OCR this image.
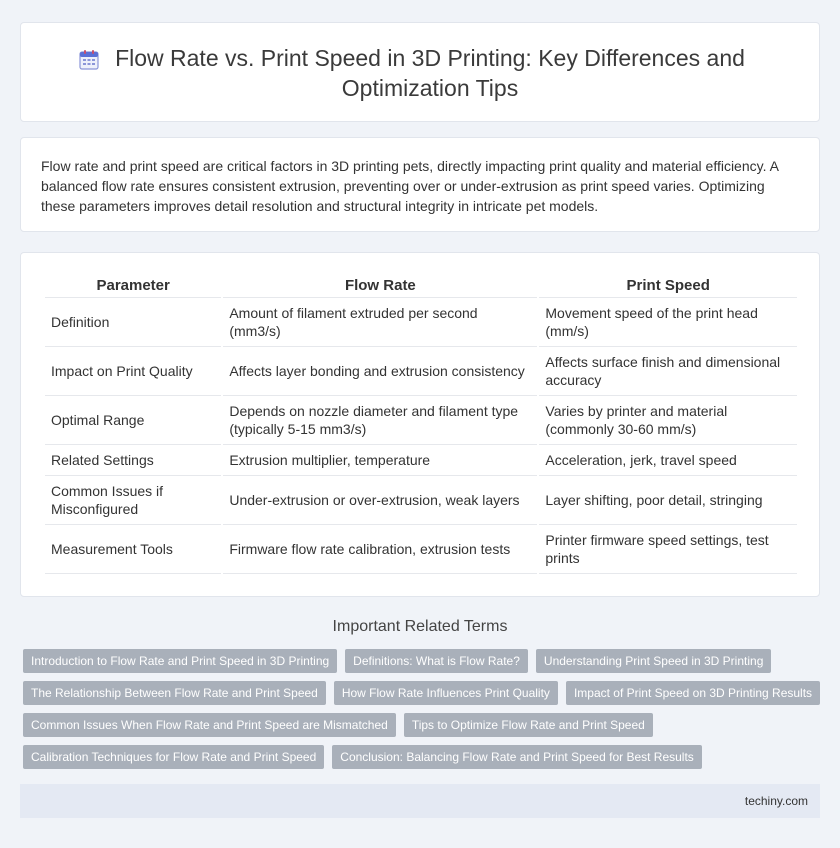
Flow Rate vs. Print Speed in 3D Printing: Key Differences and Optimization Tips

Flow rate and print speed are critical factors in 3D printing pets, directly impacting print quality and material efficiency. A balanced flow rate ensures consistent extrusion, preventing over or under-extrusion as print speed varies. Optimizing these parameters improves detail resolution and structural integrity in intricate pet models.

Parameter	Flow Rate	Print Speed
Definition	Amount of filament extruded per second (mm3/s)	Movement speed of the print head (mm/s)
Impact on Print Quality	Affects layer bonding and extrusion consistency	Affects surface finish and dimensional accuracy
Optimal Range	Depends on nozzle diameter and filament type (typically 5-15 mm3/s)	Varies by printer and material (commonly 30-60 mm/s)
Related Settings	Extrusion multiplier, temperature	Acceleration, jerk, travel speed
Common Issues if Misconfigured	Under-extrusion or over-extrusion, weak layers	Layer shifting, poor detail, stringing
Measurement Tools	Firmware flow rate calibration, extrusion tests	Printer firmware speed settings, test prints
Important Related Terms
Introduction to Flow Rate and Print Speed in 3D Printing	Definitions: What is Flow Rate?	Understanding Print Speed in 3D Printing
The Relationship Between Flow Rate and Print Speed	How Flow Rate Influences Print Quality	Impact of Print Speed on 3D Printing Results
Common Issues When Flow Rate and Print Speed are Mismatched	Tips to Optimize Flow Rate and Print Speed
Calibration Techniques for Flow Rate and Print Speed	Conclusion: Balancing Flow Rate and Print Speed for Best Results
techiny.com
